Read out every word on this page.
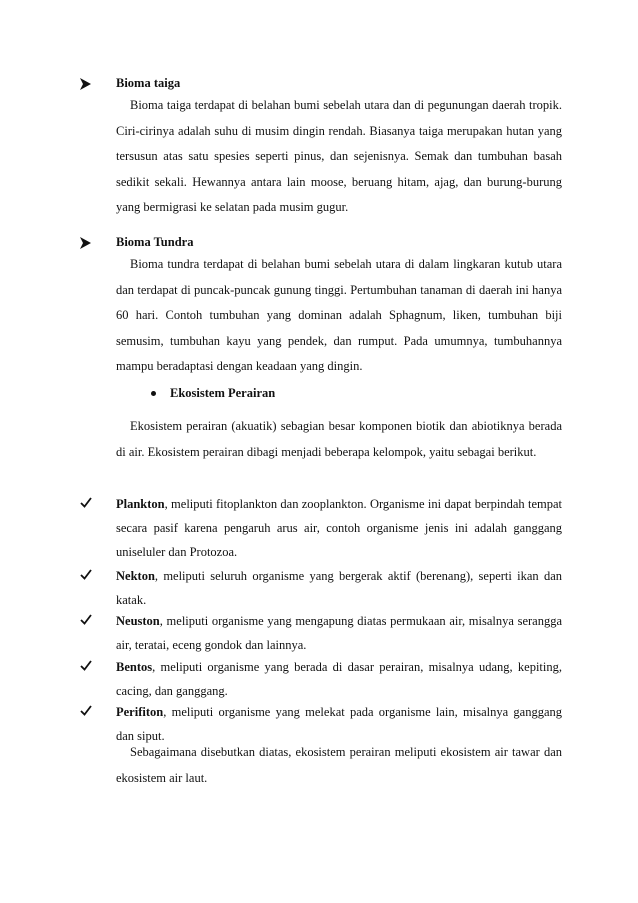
Bioma taiga

Bioma taiga terdapat di belahan bumi sebelah utara dan di pegunungan daerah tropik. Ciri-cirinya adalah suhu di musim dingin rendah. Biasanya taiga merupakan hutan yang tersusun atas satu spesies seperti pinus, dan sejenisnya. Semak dan tumbuhan basah sedikit sekali. Hewannya antara lain moose, beruang hitam, ajag, dan burung-burung yang bermigrasi ke selatan pada musim gugur.

Bioma Tundra

Bioma tundra terdapat di belahan bumi sebelah utara di dalam lingkaran kutub utara dan terdapat di puncak-puncak gunung tinggi. Pertumbuhan tanaman di daerah ini hanya 60 hari. Contoh tumbuhan yang dominan adalah Sphagnum, liken, tumbuhan biji semusim, tumbuhan kayu yang pendek, dan rumput. Pada umumnya, tumbuhannya mampu beradaptasi dengan keadaan yang dingin.

Ekosistem Perairan

Ekosistem perairan (akuatik) sebagian besar komponen biotik dan abiotiknya berada di air. Ekosistem perairan dibagi menjadi beberapa kelompok, yaitu sebagai berikut.

Plankton, meliputi fitoplankton dan zooplankton. Organisme ini dapat berpindah tempat secara pasif karena pengaruh arus air, contoh organisme jenis ini adalah ganggang uniseluler dan Protozoa.

Nekton, meliputi seluruh organisme yang bergerak aktif (berenang), seperti ikan dan katak.

Neuston, meliputi organisme yang mengapung diatas permukaan air, misalnya serangga air, teratai, eceng gondok dan lainnya.

Bentos, meliputi organisme yang berada di dasar perairan, misalnya udang, kepiting, cacing, dan ganggang.

Perifiton, meliputi organisme yang melekat pada organisme lain, misalnya ganggang dan siput.

Sebagaimana disebutkan diatas, ekosistem perairan meliputi ekosistem air tawar dan ekosistem air laut.
